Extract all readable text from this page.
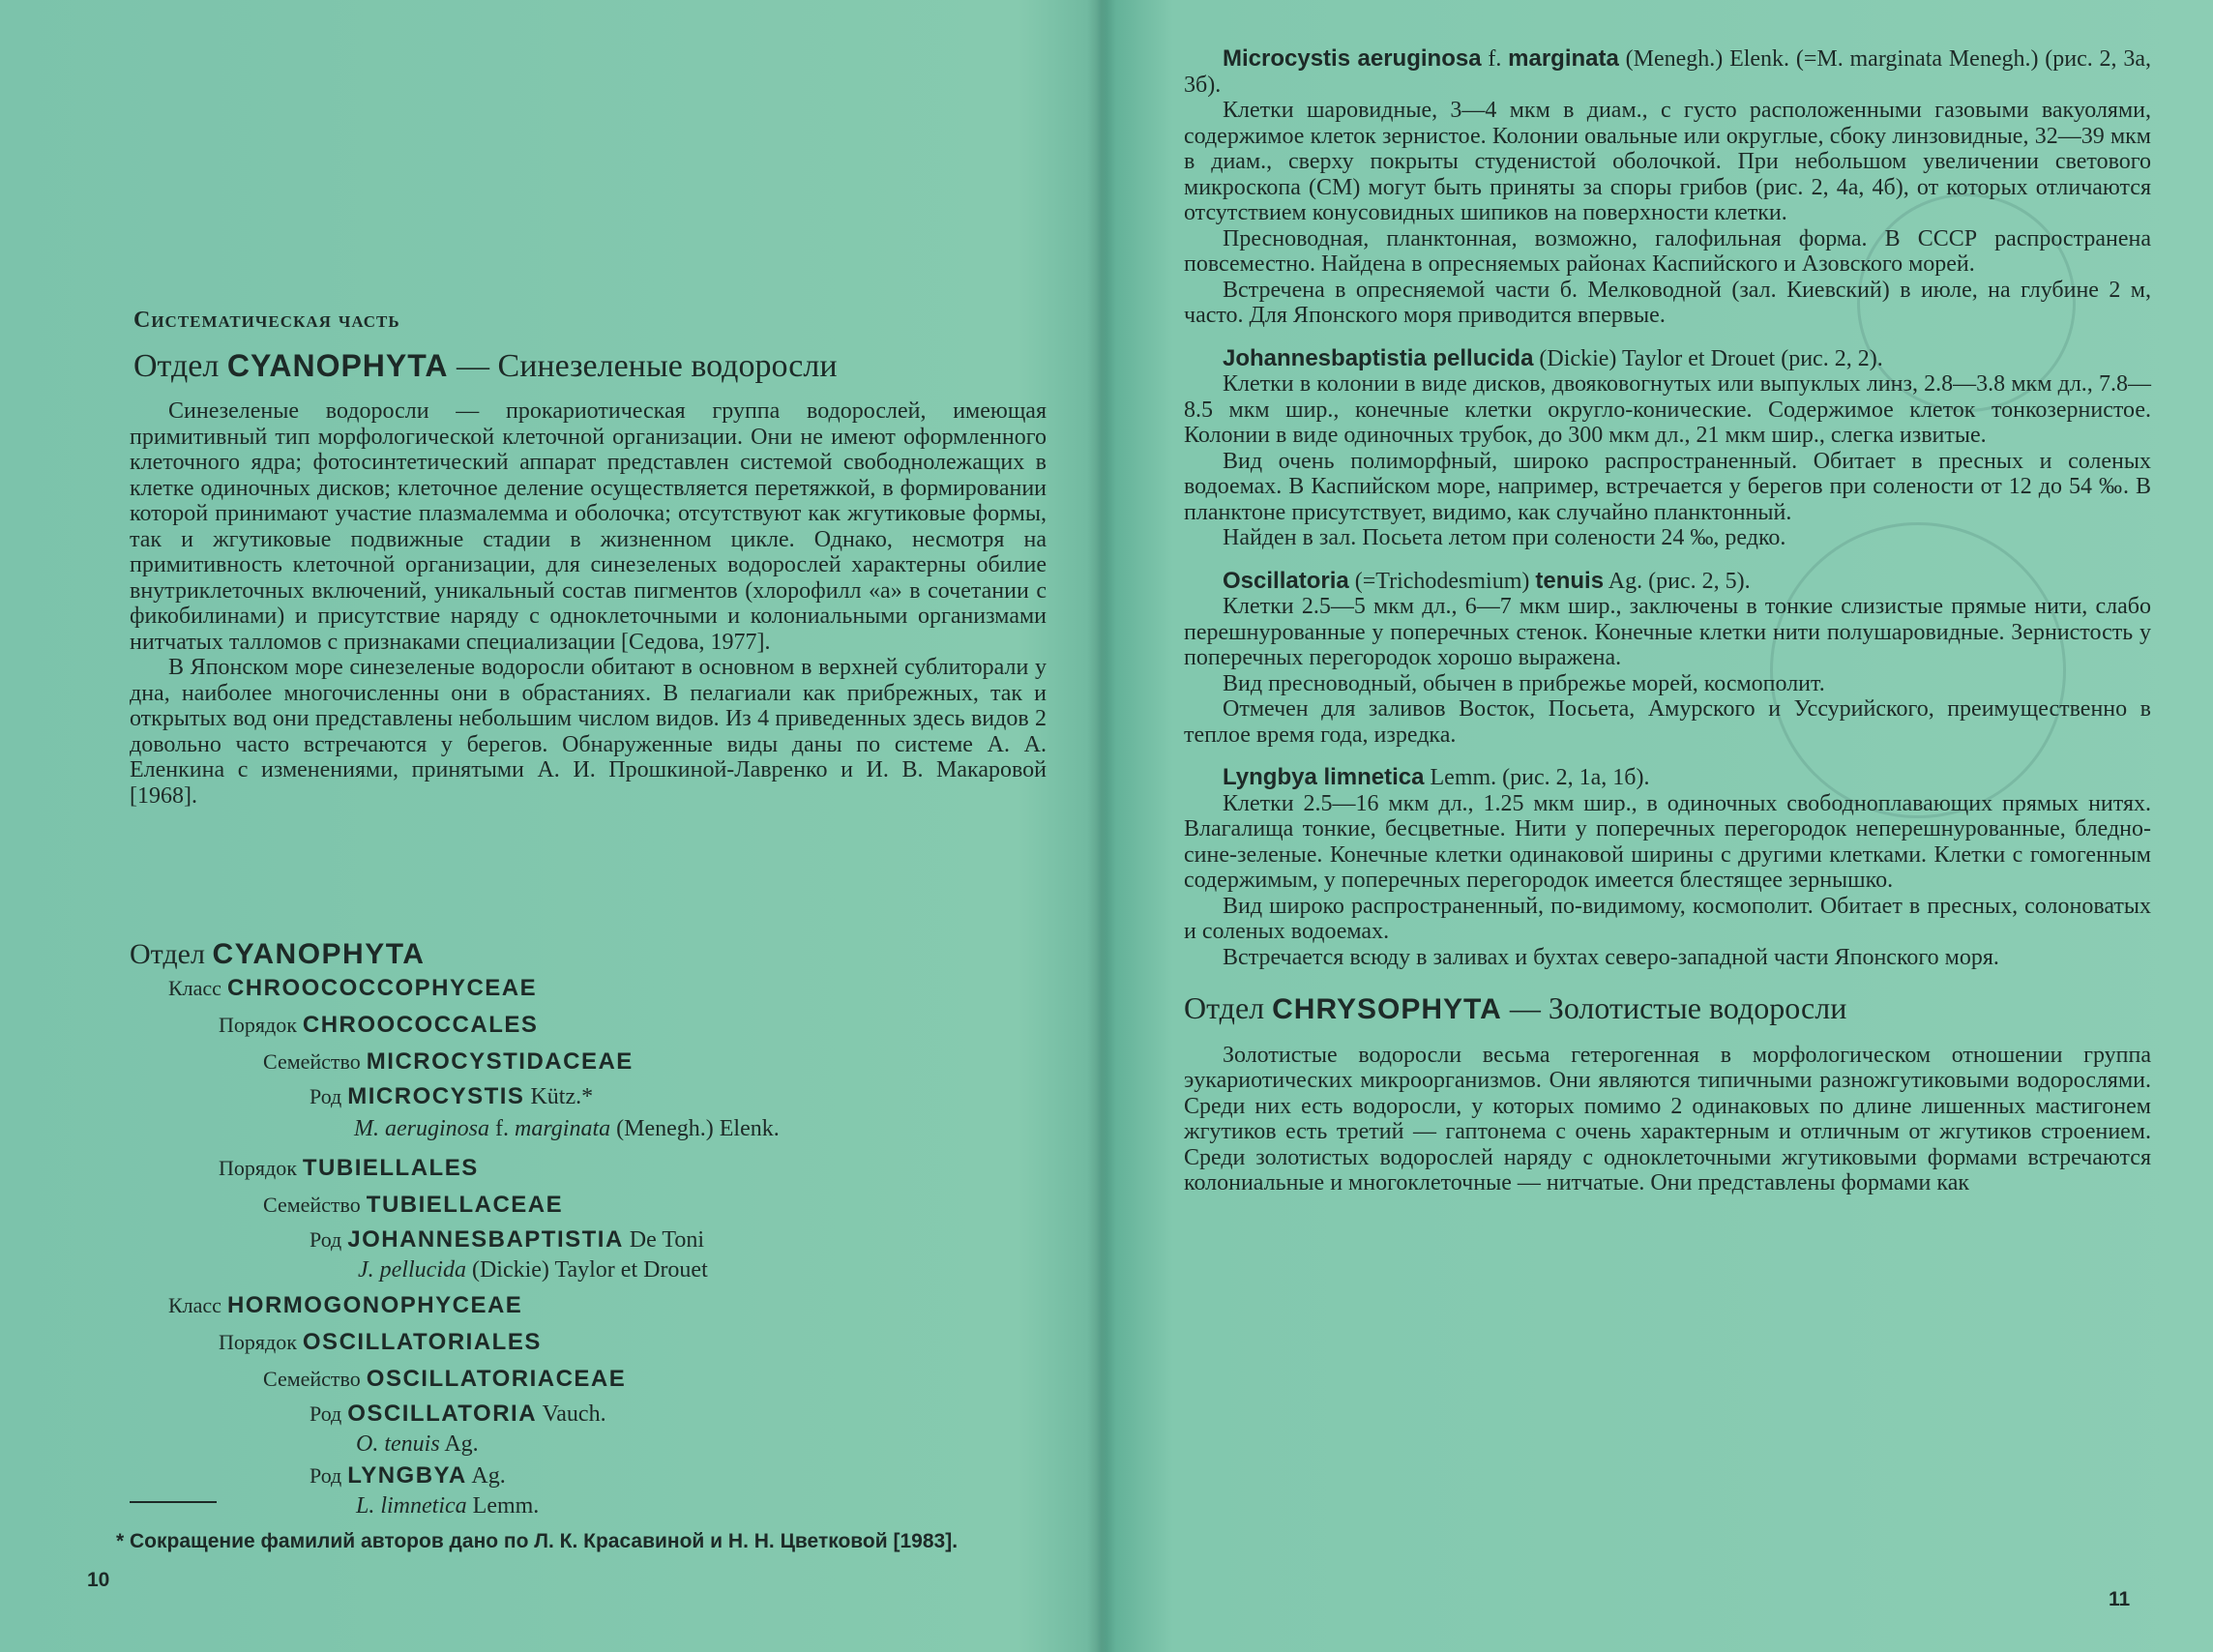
Систематическая часть
Отдел CYANOPHYTA — Синезеленые водоросли

Синезеленые водоросли — прокариотическая группа водорослей, имеющая примитивный тип морфологической клеточной организации. Они не имеют оформленного клеточного ядра; фотосинтетический аппарат представлен системой свободнолежащих в клетке одиночных дисков; клеточное деление осуществляется перетяжкой, в формировании которой принимают участие плазмалемма и оболочка; отсутствуют как жгутиковые формы, так и жгутиковые подвижные стадии в жизненном цикле. Однако, несмотря на примитивность клеточной организации, для синезеленых водорослей характерны обилие внутриклеточных включений, уникальный состав пигментов (хлорофилл «а» в сочетании с фикобилинами) и присутствие наряду с одноклеточными и колониальными организмами нитчатых талломов с признаками специализации [Седова, 1977].

В Японском море синезеленые водоросли обитают в основном в верхней сублиторали у дна, наиболее многочисленны они в обрастаниях. В пелагиали как прибрежных, так и открытых вод они представлены небольшим числом видов. Из 4 приведенных здесь видов 2 довольно часто встречаются у берегов. Обнаруженные виды даны по системе А. А. Еленкина с изменениями, принятыми А. И. Прошкиной-Лавренко и И. В. Макаровой [1968].

Отдел CYANOPHYTA
Класс CHROOCOCCOPHYCEAE
Порядок CHROOCOCCALES
Семейство MICROCYSTIDACEAE
Род MICROCYSTIS Kütz.*
M. aeruginosa f. marginata (Menegh.) Elenk.
Порядок TUBIELLALES
Семейство TUBIELLACEAE
Род JOHANNESBAPTISTIA De Toni
J. pellucida (Dickie) Taylor et Drouet
Класс HORMOGONOPHYCEAE
Порядок OSCILLATORIALES
Семейство OSCILLATORIACEAE
Род OSCILLATORIA Vauch.
O. tenuis Ag.
Род LYNGBYA Ag.
L. limnetica Lemm.
* Сокращение фамилий авторов дано по Л. К. Красавиной и Н. Н. Цветковой [1983].
10

Microcystis aeruginosa f. marginata (Menegh.) Elenk. (=M. marginata Menegh.) (рис. 2, 3а, 3б).

Клетки шаровидные, 3—4 мкм в диам., с густо расположенными газовыми вакуолями, содержимое клеток зернистое. Колонии овальные или округлые, сбоку линзовидные, 32—39 мкм в диам., сверху покрыты студенистой оболочкой. При небольшом увеличении светового микроскопа (СМ) могут быть приняты за споры грибов (рис. 2, 4а, 4б), от которых отличаются отсутствием конусовидных шипиков на поверхности клетки.

Пресноводная, планктонная, возможно, галофильная форма. В СССР распространена повсеместно. Найдена в опресняемых районах Каспийского и Азовского морей.

Встречена в опресняемой части б. Мелководной (зал. Киевский) в июле, на глубине 2 м, часто. Для Японского моря приводится впервые.

Johannesbaptistia pellucida (Dickie) Taylor et Drouet (рис. 2, 2).

Клетки в колонии в виде дисков, двояковогнутых или выпуклых линз, 2.8—3.8 мкм дл., 7.8—8.5 мкм шир., конечные клетки округло-конические. Содержимое клеток тонкозернистое. Колонии в виде одиночных трубок, до 300 мкм дл., 21 мкм шир., слегка извитые.

Вид очень полиморфный, широко распространенный. Обитает в пресных и соленых водоемах. В Каспийском море, например, встречается у берегов при солености от 12 до 54 ‰. В планктоне присутствует, видимо, как случайно планктонный.

Найден в зал. Посьета летом при солености 24 ‰, редко.

Oscillatoria (=Trichodesmium) tenuis Ag. (рис. 2, 5).

Клетки 2.5—5 мкм дл., 6—7 мкм шир., заключены в тонкие слизистые прямые нити, слабо перешнурованные у поперечных стенок. Конечные клетки нити полушаровидные. Зернистость у поперечных перегородок хорошо выражена.

Вид пресноводный, обычен в прибрежье морей, космополит.

Отмечен для заливов Восток, Посьета, Амурского и Уссурийского, преимущественно в теплое время года, изредка.

Lyngbya limnetica Lemm. (рис. 2, 1а, 1б).

Клетки 2.5—16 мкм дл., 1.25 мкм шир., в одиночных свободноплавающих прямых нитях. Влагалища тонкие, бесцветные. Нити у поперечных перегородок неперешнурованные, бледно-сине-зеленые. Конечные клетки одинаковой ширины с другими клетками. Клетки с гомогенным содержимым, у поперечных перегородок имеется блестящее зернышко.

Вид широко распространенный, по-видимому, космополит. Обитает в пресных, солоноватых и соленых водоемах.

Встречается всюду в заливах и бухтах северо-западной части Японского моря.

Отдел CHRYSOPHYTA — Золотистые водоросли

Золотистые водоросли весьма гетерогенная в морфологическом отношении группа эукариотических микроорганизмов. Они являются типичными разножгутиковыми водорослями. Среди них есть водоросли, у которых помимо 2 одинаковых по длине лишенных мастигонем жгутиков есть третий — гаптонема с очень характерным и отличным от жгутиков строением. Среди золотистых водорослей наряду с одноклеточными жгутиковыми формами встречаются колониальные и многоклеточные — нитчатые. Они представлены формами как

11
